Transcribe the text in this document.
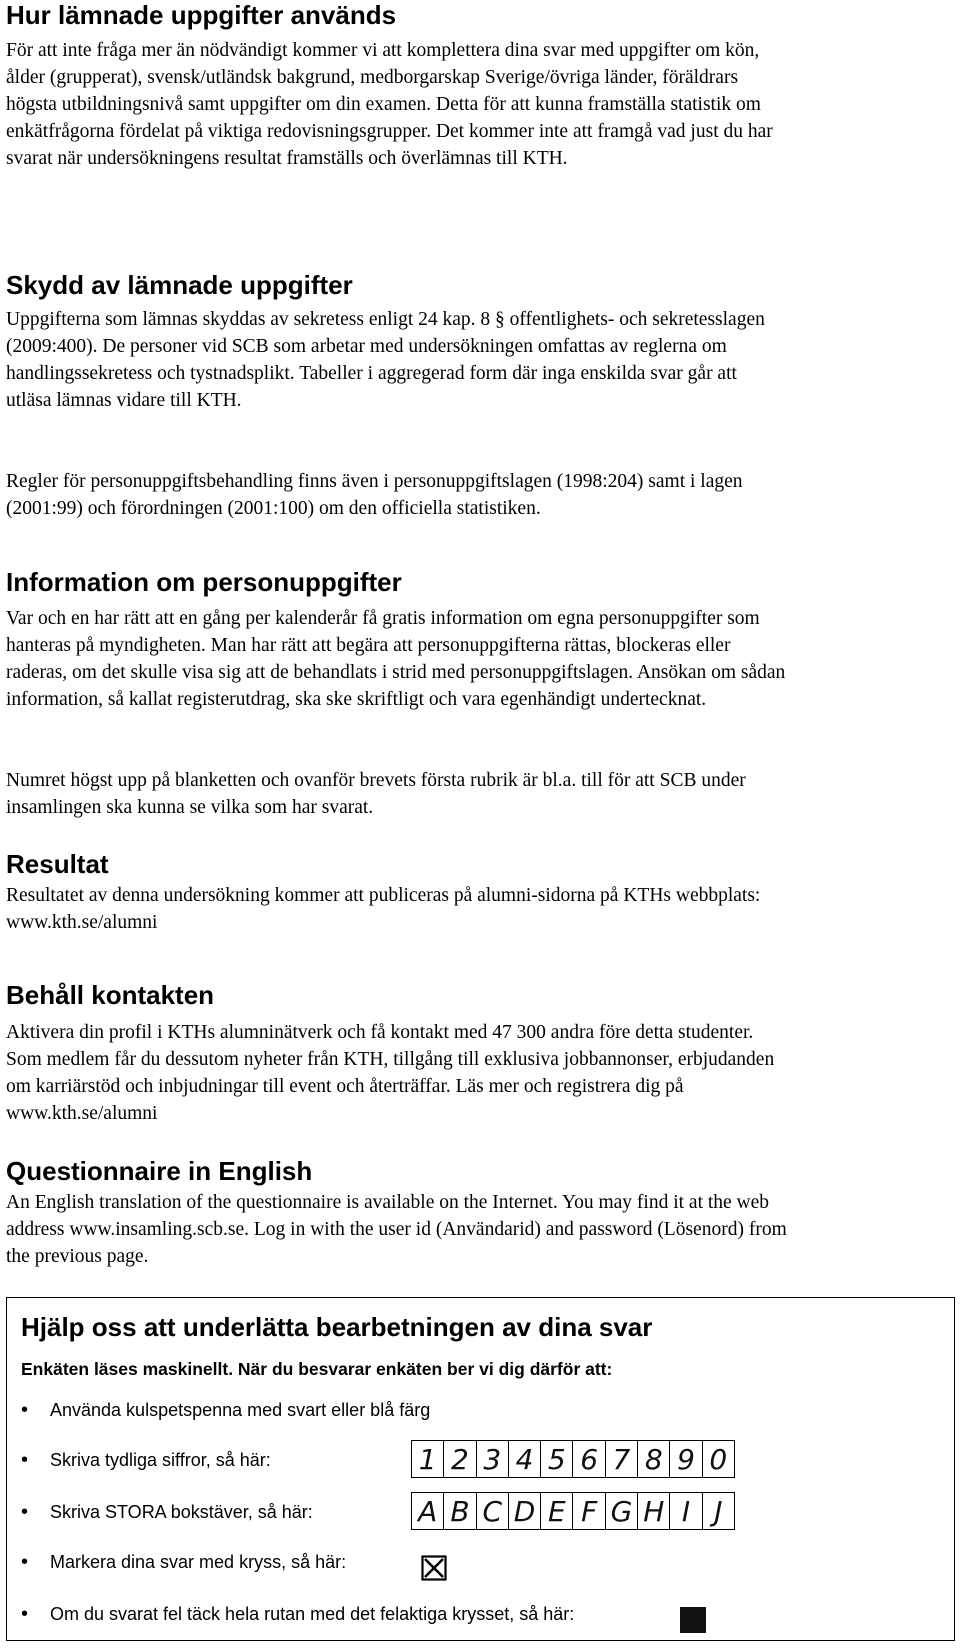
Hur lämnade uppgifter används

För att inte fråga mer än nödvändigt kommer vi att komplettera dina svar med uppgifter om kön, ålder (grupperat), svensk/utländsk bakgrund, medborgarskap Sverige/övriga länder, föräldrars högsta utbildningsnivå samt uppgifter om din examen. Detta för att kunna framställa statistik om enkätfrågorna fördelat på viktiga redovisningsgrupper. Det kommer inte att framgå vad just du har svarat när undersökningens resultat framställs och överlämnas till KTH.

Skydd av lämnade uppgifter

Uppgifterna som lämnas skyddas av sekretess enligt 24 kap. 8 § offentlighets- och sekretesslagen (2009:400). De personer vid SCB som arbetar med undersökningen omfattas av reglerna om handlingssekretess och tystnadsplikt. Tabeller i aggregerad form där inga enskilda svar går att utläsa lämnas vidare till KTH.

Regler för personuppgiftsbehandling finns även i personuppgiftslagen (1998:204) samt i lagen (2001:99) och förordningen (2001:100) om den officiella statistiken.

Information om personuppgifter

Var och en har rätt att en gång per kalenderår få gratis information om egna personuppgifter som hanteras på myndigheten. Man har rätt att begära att personuppgifterna rättas, blockeras eller raderas, om det skulle visa sig att de behandlats i strid med personuppgiftslagen. Ansökan om sådan information, så kallat registerutdrag, ska ske skriftligt och vara egenhändigt undertecknat.

Numret högst upp på blanketten och ovanför brevets första rubrik är bl.a. till för att SCB under insamlingen ska kunna se vilka som har svarat.

Resultat

Resultatet av denna undersökning kommer att publiceras på alumni-sidorna på KTHs webbplats: www.kth.se/alumni

Behåll kontakten

Aktivera din profil i KTHs alumninätverk och få kontakt med 47 300 andra före detta studenter. Som medlem får du dessutom nyheter från KTH, tillgång till exklusiva jobbannonser, erbjudanden om karriärstöd och inbjudningar till event och återträffar. Läs mer och registrera dig på www.kth.se/alumni

Questionnaire in English

An English translation of the questionnaire is available on the Internet. You may find it at the web address www.insamling.scb.se. Log in with the user id (Användarid) and password (Lösenord) from the previous page.

Hjälp oss att underlätta bearbetningen av dina svar
Enkäten läses maskinellt. När du besvarar enkäten ber vi dig därför att:
•	Använda kulspetspenna med svart eller blå färg
•	Skriva tydliga siffror, så här:
•	Skriva STORA bokstäver, så här:
•	Markera dina svar med kryss, så här:
•	Om du svarat fel täck hela rutan med det felaktiga krysset, så här:
1 2 3 4 5 6 7 8 9 0
A B C D E F G H I J
